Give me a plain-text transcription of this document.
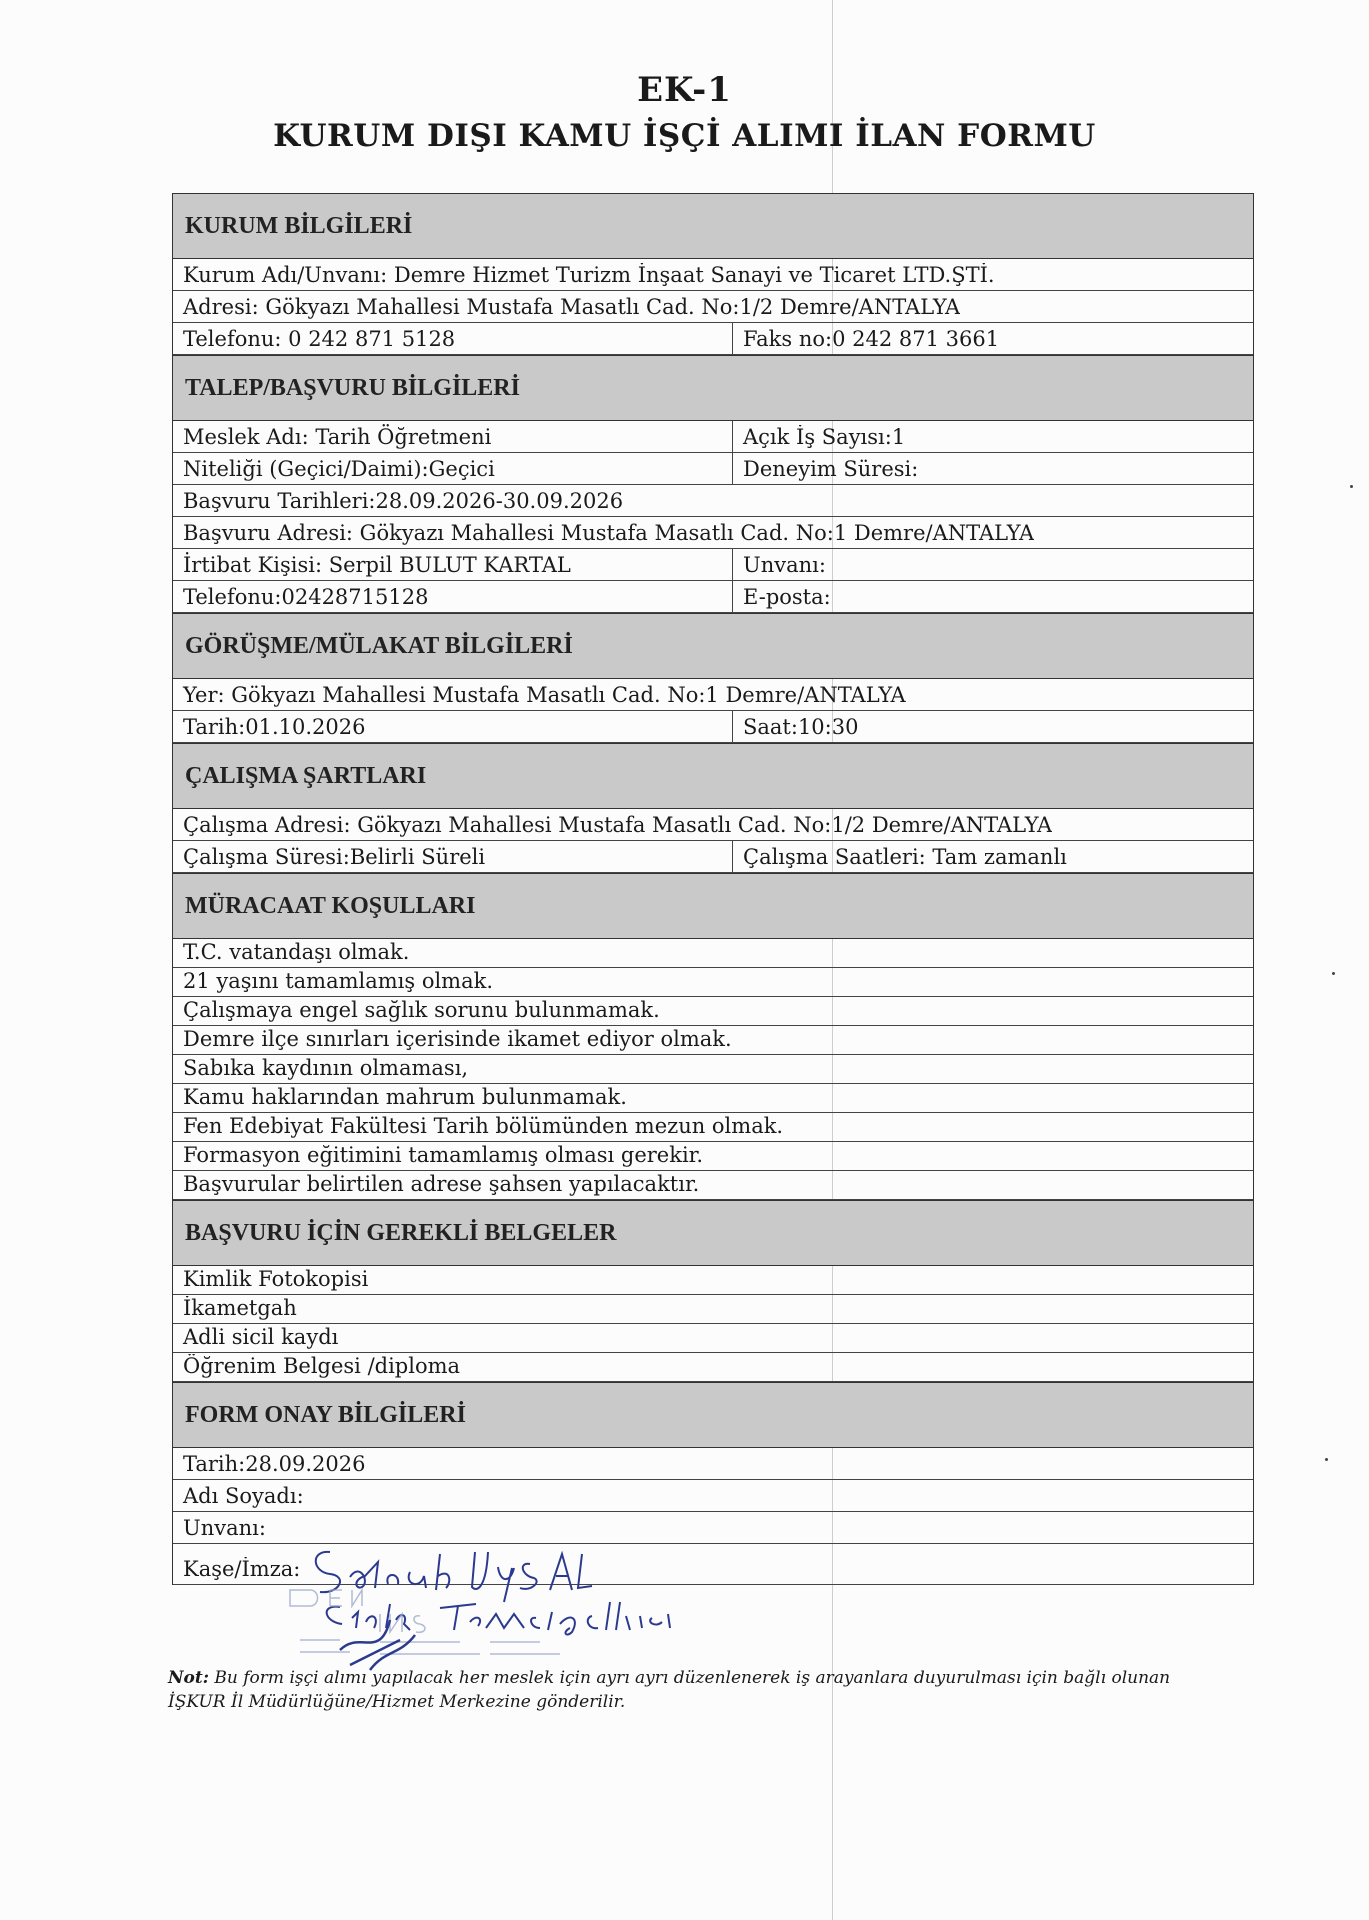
EK-1
KURUM DIŞI KAMU İŞÇİ ALIMI İLAN FORMU
KURUM BİLGİLERİ
Kurum Adı/Unvanı: Demre Hizmet Turizm İnşaat Sanayi ve Ticaret LTD.ŞTİ.
Adresi: Gökyazı Mahallesi Mustafa Masatlı Cad. No:1/2 Demre/ANTALYA
Telefonu: 0 242 871 5128	Faks no:0 242 871 3661
TALEP/BAŞVURU BİLGİLERİ
Meslek Adı: Tarih Öğretmeni	Açık İş Sayısı:1
Niteliği (Geçici/Daimi):Geçici	Deneyim Süresi:
Başvuru Tarihleri:28.09.2026-30.09.2026
Başvuru Adresi: Gökyazı Mahallesi Mustafa Masatlı Cad. No:1 Demre/ANTALYA
İrtibat Kişisi: Serpil BULUT KARTAL	Unvanı:
Telefonu:02428715128	E-posta:
GÖRÜŞME/MÜLAKAT BİLGİLERİ
Yer: Gökyazı Mahallesi Mustafa Masatlı Cad. No:1 Demre/ANTALYA
Tarih:01.10.2026	Saat:10:30
ÇALIŞMA ŞARTLARI
Çalışma Adresi: Gökyazı Mahallesi Mustafa Masatlı Cad. No:1/2 Demre/ANTALYA
Çalışma Süresi:Belirli Süreli	Çalışma Saatleri: Tam zamanlı
MÜRACAAT KOŞULLARI
T.C. vatandaşı olmak.
21 yaşını tamamlamış olmak.
Çalışmaya engel sağlık sorunu bulunmamak.
Demre ilçe sınırları içerisinde ikamet ediyor olmak.
Sabıka kaydının olmaması,
Kamu haklarından mahrum bulunmamak.
Fen Edebiyat Fakültesi Tarih bölümünden mezun olmak.
Formasyon eğitimini tamamlamış olması gerekir.
Başvurular belirtilen adrese şahsen yapılacaktır.
BAŞVURU İÇİN GEREKLİ BELGELER
Kimlik Fotokopisi
İkametgah
Adli sicil kaydı
Öğrenim Belgesi /diploma
FORM ONAY BİLGİLERİ
Tarih:28.09.2026
Adı Soyadı:
Unvanı:
Kaşe/İmza:
Not: Bu form işçi alımı yapılacak her meslek için ayrı ayrı düzenlenerek iş arayanlara duyurulması için bağlı olunan İŞKUR İl Müdürlüğüne/Hizmet Merkezine gönderilir.
